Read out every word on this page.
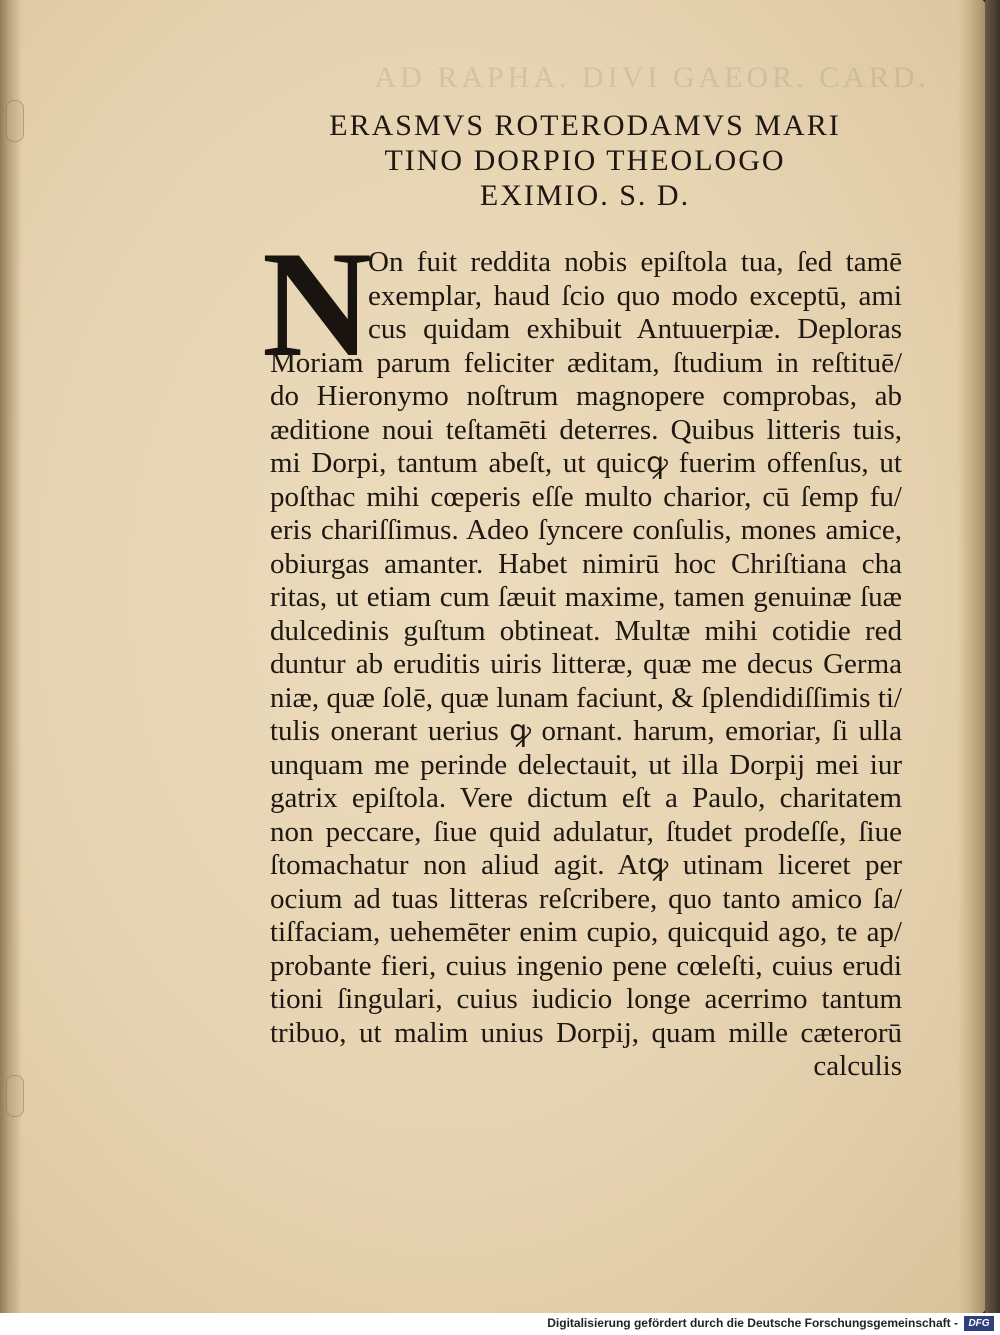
AD RAPHA. DIVI GAEOR. CARD.
ERASMVS ROTERODAMVS MARI
TINO DORPIO THEOLOGO
EXIMIO. S. D.
N
On fuit reddita nobis epiſtola tua, ſed tamē
exemplar, haud ſcio quo modo exceptū, ami
cus quidam exhibuit Antuuerpiæ. Deploras
Moriam parum feliciter æditam, ſtudium in reſtituē/
do Hieronymo noſtrum magnopere comprobas, ab
æditione noui teſtamēti deterres. Quibus litteris tuis,
mi Dorpi, tantum abeſt, ut quicꝙ fuerim offenſus, ut
poſthac mihi cœperis eſſe multo charior, cū ſemp fu/
eris chariſſimus. Adeo ſyncere conſulis, mones amice,
obiurgas amanter. Habet nimirū hoc Chriſtiana cha
ritas, ut etiam cum ſæuit maxime, tamen genuinæ ſuæ
dulcedinis guſtum obtineat. Multæ mihi cotidie red
duntur ab eruditis uiris litteræ, quæ me decus Germa
niæ, quæ ſolē, quæ lunam faciunt, & ſplendidiſſimis ti/
tulis onerant uerius ꝙ ornant. harum, emoriar, ſi ulla
unquam me perinde delectauit, ut illa Dorpij mei iur
gatrix epiſtola. Vere dictum eſt a Paulo, charitatem
non peccare, ſiue quid adulatur, ſtudet prodeſſe, ſiue
ſtomachatur non aliud agit. Atꝙ utinam liceret per
ocium ad tuas litteras reſcribere, quo tanto amico ſa/
tiſfaciam, uehemēter enim cupio, quicquid ago, te ap/
probante fieri, cuius ingenio pene cœleſti, cuius erudi
tioni ſingulari, cuius iudicio longe acerrimo tantum
tribuo, ut malim unius Dorpij, quam mille cæterorū
calculis
Digitalisierung gefördert durch die Deutsche Forschungsgemeinschaft -	DFG
